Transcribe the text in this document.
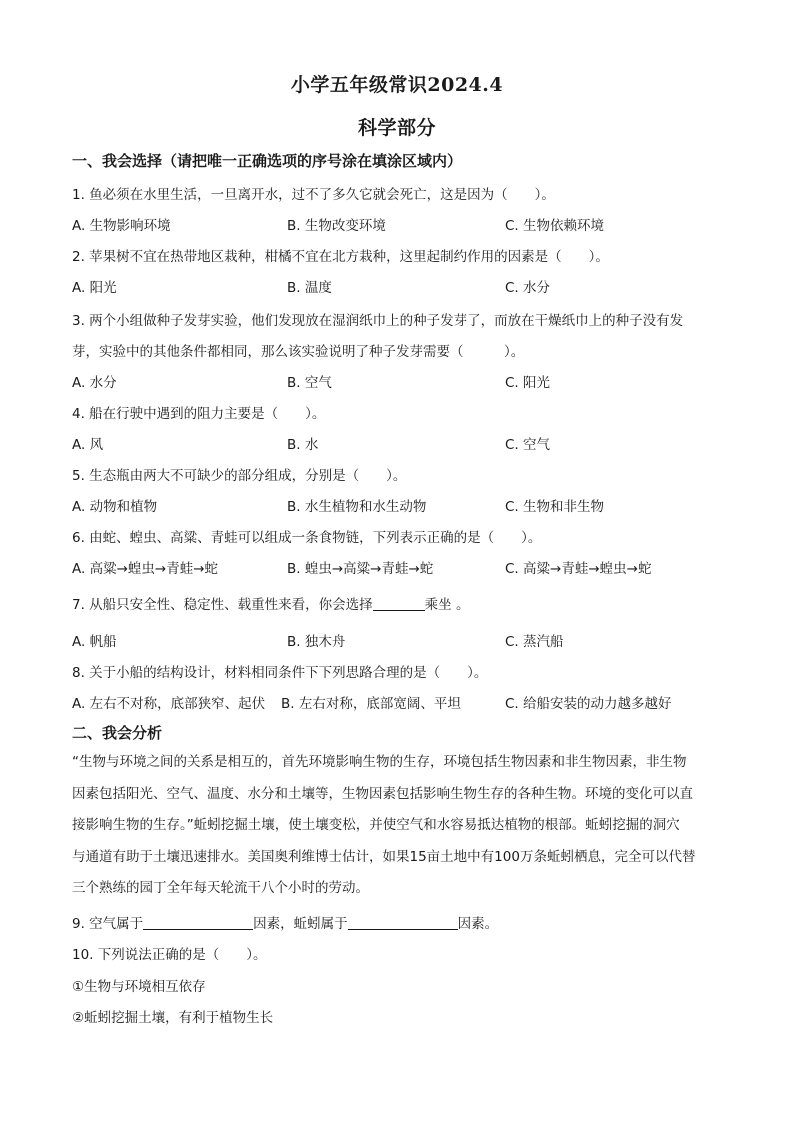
小学五年级常识2024.4
科学部分
一、我会选择（请把唯一正确选项的序号涂在填涂区域内）
1. 鱼必须在水里生活，一旦离开水，过不了多久它就会死亡，这是因为（　　）。
A. 生物影响环境	B. 生物改变环境	C. 生物依赖环境
2. 苹果树不宜在热带地区栽种，柑橘不宜在北方栽种，这里起制约作用的因素是（　　）。
A. 阳光	B. 温度	C. 水分
3. 两个小组做种子发芽实验，他们发现放在湿润纸巾上的种子发芽了，而放在干燥纸巾上的种子没有发
芽，实验中的其他条件都相同，那么该实验说明了种子发芽需要（　　　）。
A. 水分	B. 空气	C. 阳光
4. 船在行驶中遇到的阻力主要是（　　）。
A. 风	B. 水	C. 空气
5. 生态瓶由两大不可缺少的部分组成，分别是（　　）。
A. 动物和植物	B. 水生植物和水生动物	C. 生物和非生物
6. 由蛇、蝗虫、高粱、青蛙可以组成一条食物链，下列表示正确的是（　　）。
A. 高粱→蝗虫→青蛙→蛇	B. 蝗虫→高粱→青蛙→蛇	C. 高粱→青蛙→蝗虫→蛇
7. 从船只安全性、稳定性、载重性来看，你会选择	乘坐 。
A. 帆船	B. 独木舟	C. 蒸汽船
8. 关于小船的结构设计，材料相同条件下下列思路合理的是（　　）。
A. 左右不对称，底部狭窄、起伏 B. 左右对称，底部宽阔、平坦	C. 给船安装的动力越多越好
二、我会分析
“生物与环境之间的关系是相互的，首先环境影响生物的生存，环境包括生物因素和非生物因素，非生物
因素包括阳光、空气、温度、水分和土壤等，生物因素包括影响生物生存的各种生物。环境的变化可以直
接影响生物的生存。”蚯蚓挖掘土壤，使土壤变松，并使空气和水容易抵达植物的根部。蚯蚓挖掘的洞穴
与通道有助于土壤迅速排水。美国奥利维博士估计，如果15亩土地中有100万条蚯蚓栖息，完全可以代替
三个熟练的园丁全年每天轮流干八个小时的劳动。
9. 空气属于	因素，蚯蚓属于	因素。
10. 下列说法正确的是（　　）。
①生物与环境相互依存
②蚯蚓挖掘土壤，有利于植物生长
